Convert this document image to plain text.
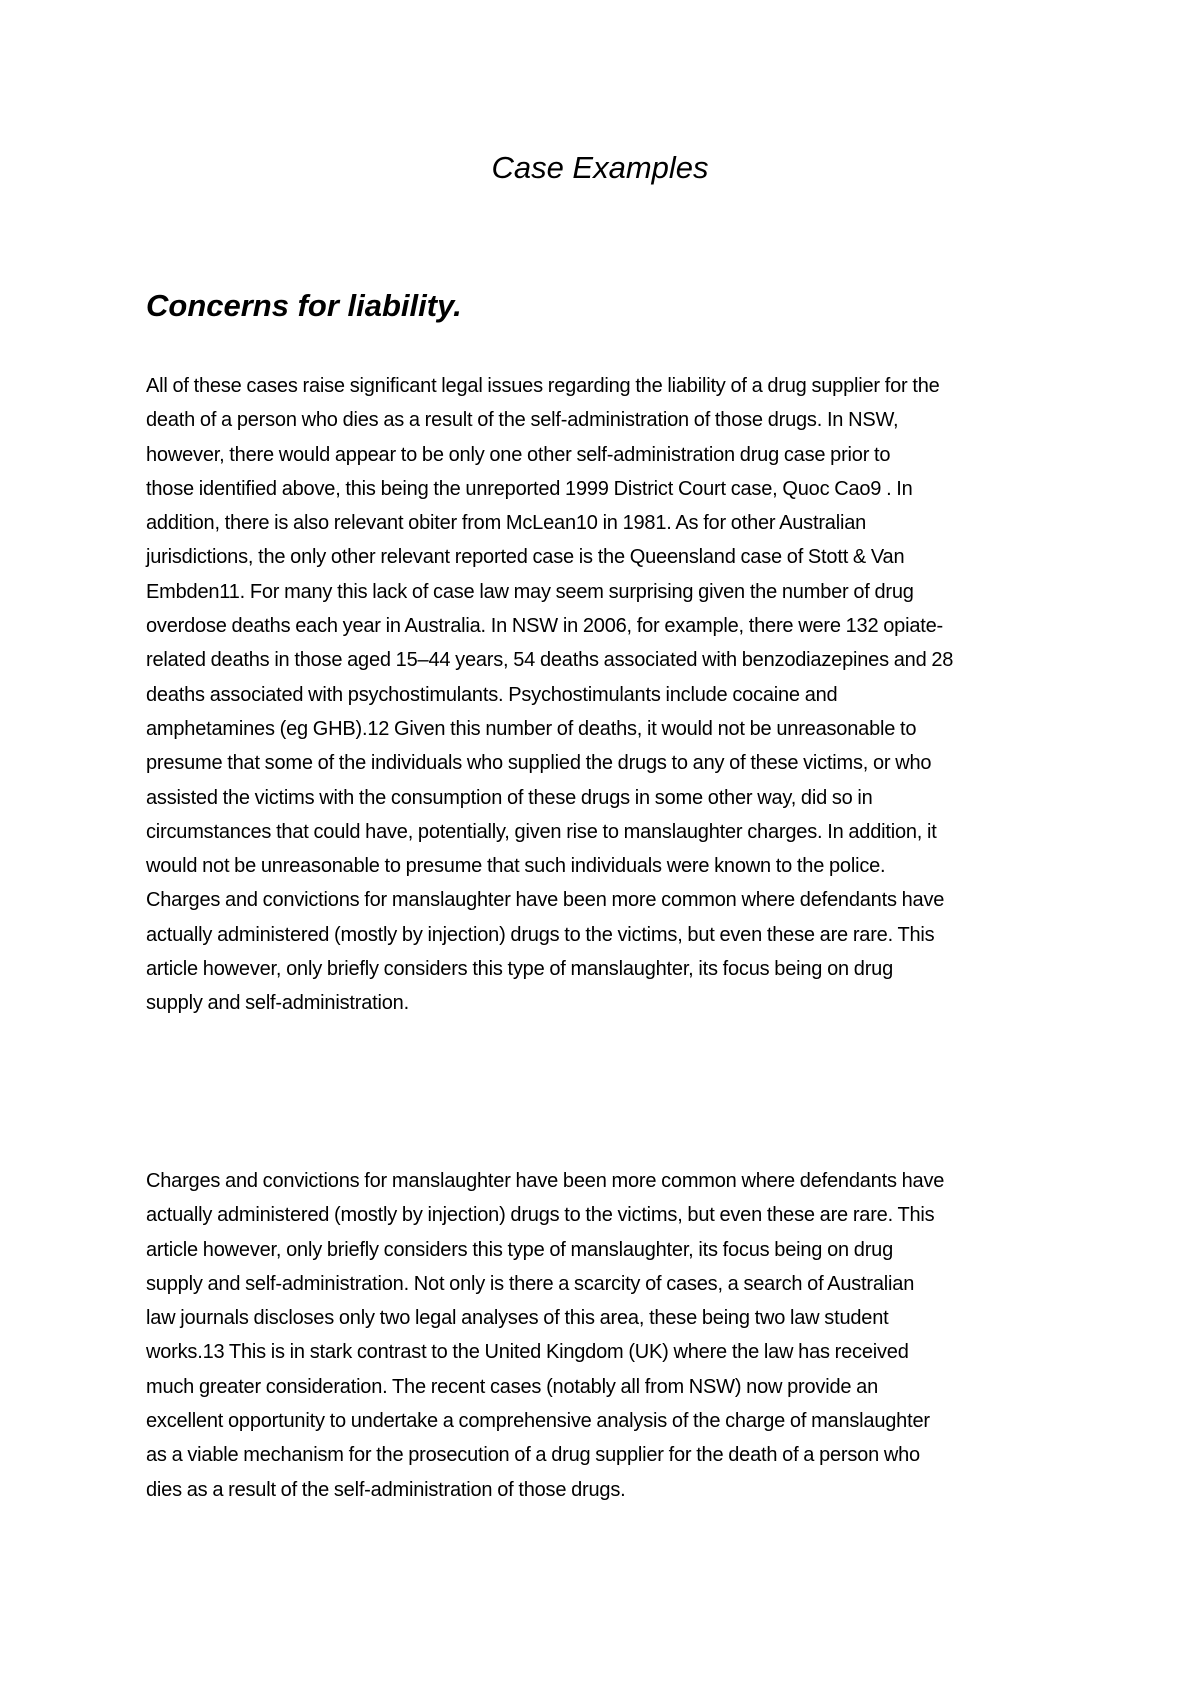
Case Examples
Concerns for liability.

All of these cases raise significant legal issues regarding the liability of a drug supplier for the
death of a person who dies as a result of the self-administration of those drugs. In NSW,
however, there would appear to be only one other self-administration drug case prior to
those identified above, this being the unreported 1999 District Court case, Quoc Cao9 . In
addition, there is also relevant obiter from McLean10 in 1981. As for other Australian
jurisdictions, the only other relevant reported case is the Queensland case of Stott & Van
Embden11. For many this lack of case law may seem surprising given the number of drug
overdose deaths each year in Australia. In NSW in 2006, for example, there were 132 opiate-
related deaths in those aged 15–44 years, 54 deaths associated with benzodiazepines and 28
deaths associated with psychostimulants. Psychostimulants include cocaine and
amphetamines (eg GHB).12 Given this number of deaths, it would not be unreasonable to
presume that some of the individuals who supplied the drugs to any of these victims, or who
assisted the victims with the consumption of these drugs in some other way, did so in
circumstances that could have, potentially, given rise to manslaughter charges. In addition, it
would not be unreasonable to presume that such individuals were known to the police.
Charges and convictions for manslaughter have been more common where defendants have
actually administered (mostly by injection) drugs to the victims, but even these are rare. This
article however, only briefly considers this type of manslaughter, its focus being on drug
supply and self-administration.

Charges and convictions for manslaughter have been more common where defendants have
actually administered (mostly by injection) drugs to the victims, but even these are rare. This
article however, only briefly considers this type of manslaughter, its focus being on drug
supply and self-administration. Not only is there a scarcity of cases, a search of Australian
law journals discloses only two legal analyses of this area, these being two law student
works.13 This is in stark contrast to the United Kingdom (UK) where the law has received
much greater consideration. The recent cases (notably all from NSW) now provide an
excellent opportunity to undertake a comprehensive analysis of the charge of manslaughter
as a viable mechanism for the prosecution of a drug supplier for the death of a person who
dies as a result of the self-administration of those drugs.
